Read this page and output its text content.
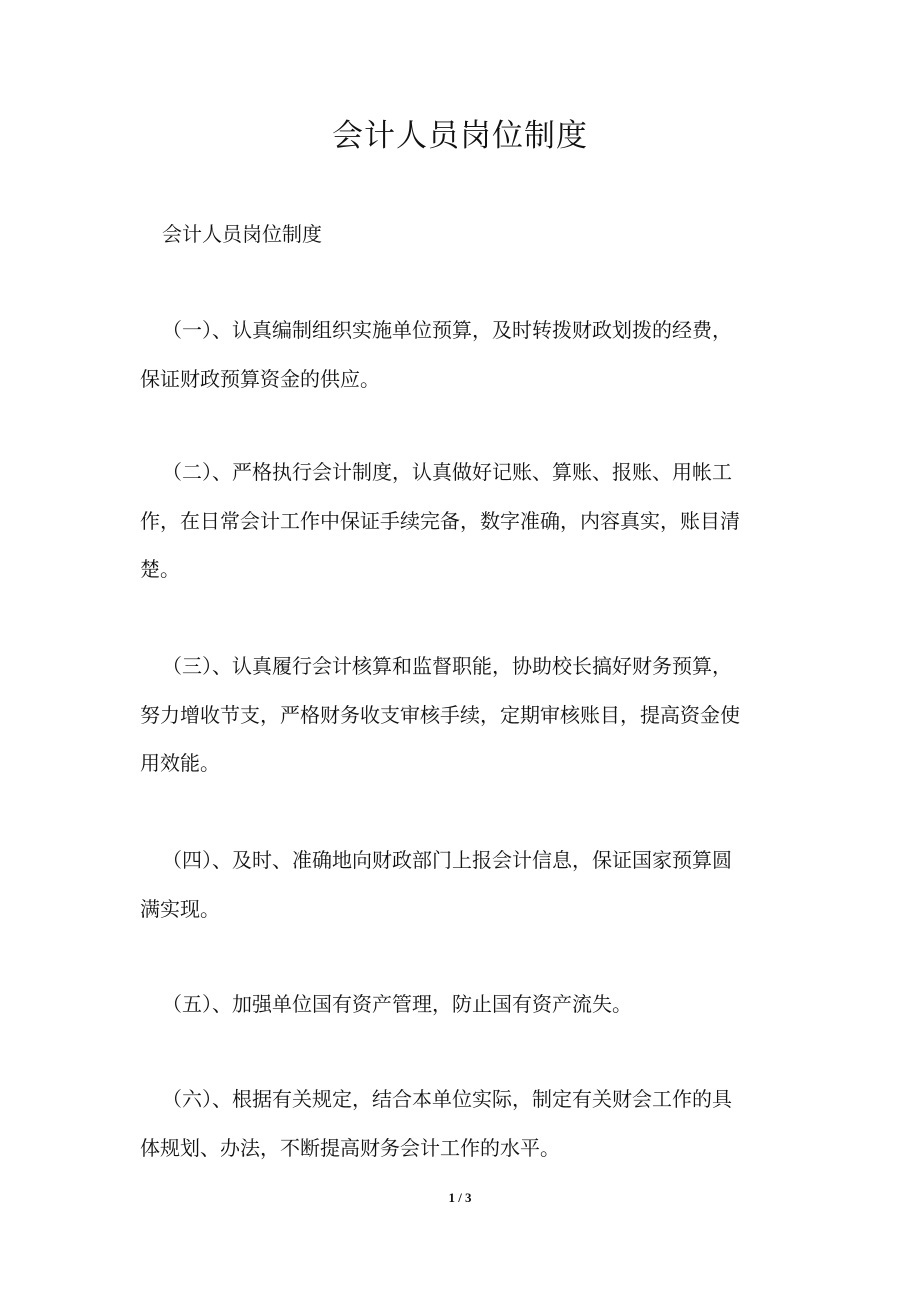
会计人员岗位制度

会计人员岗位制度

（一）、认真编制组织实施单位预算，及时转拨财政划拨的经费，
保证财政预算资金的供应。

（二）、严格执行会计制度，认真做好记账、算账、报账、用帐工
作，在日常会计工作中保证手续完备，数字准确，内容真实，账目清
楚。

（三）、认真履行会计核算和监督职能，协助校长搞好财务预算，
努力增收节支，严格财务收支审核手续，定期审核账目，提高资金使
用效能。

（四）、及时、准确地向财政部门上报会计信息，保证国家预算圆
满实现。

（五）、加强单位国有资产管理，防止国有资产流失。

（六）、根据有关规定，结合本单位实际，制定有关财会工作的具
体规划、办法，不断提高财务会计工作的水平。

1 / 3
